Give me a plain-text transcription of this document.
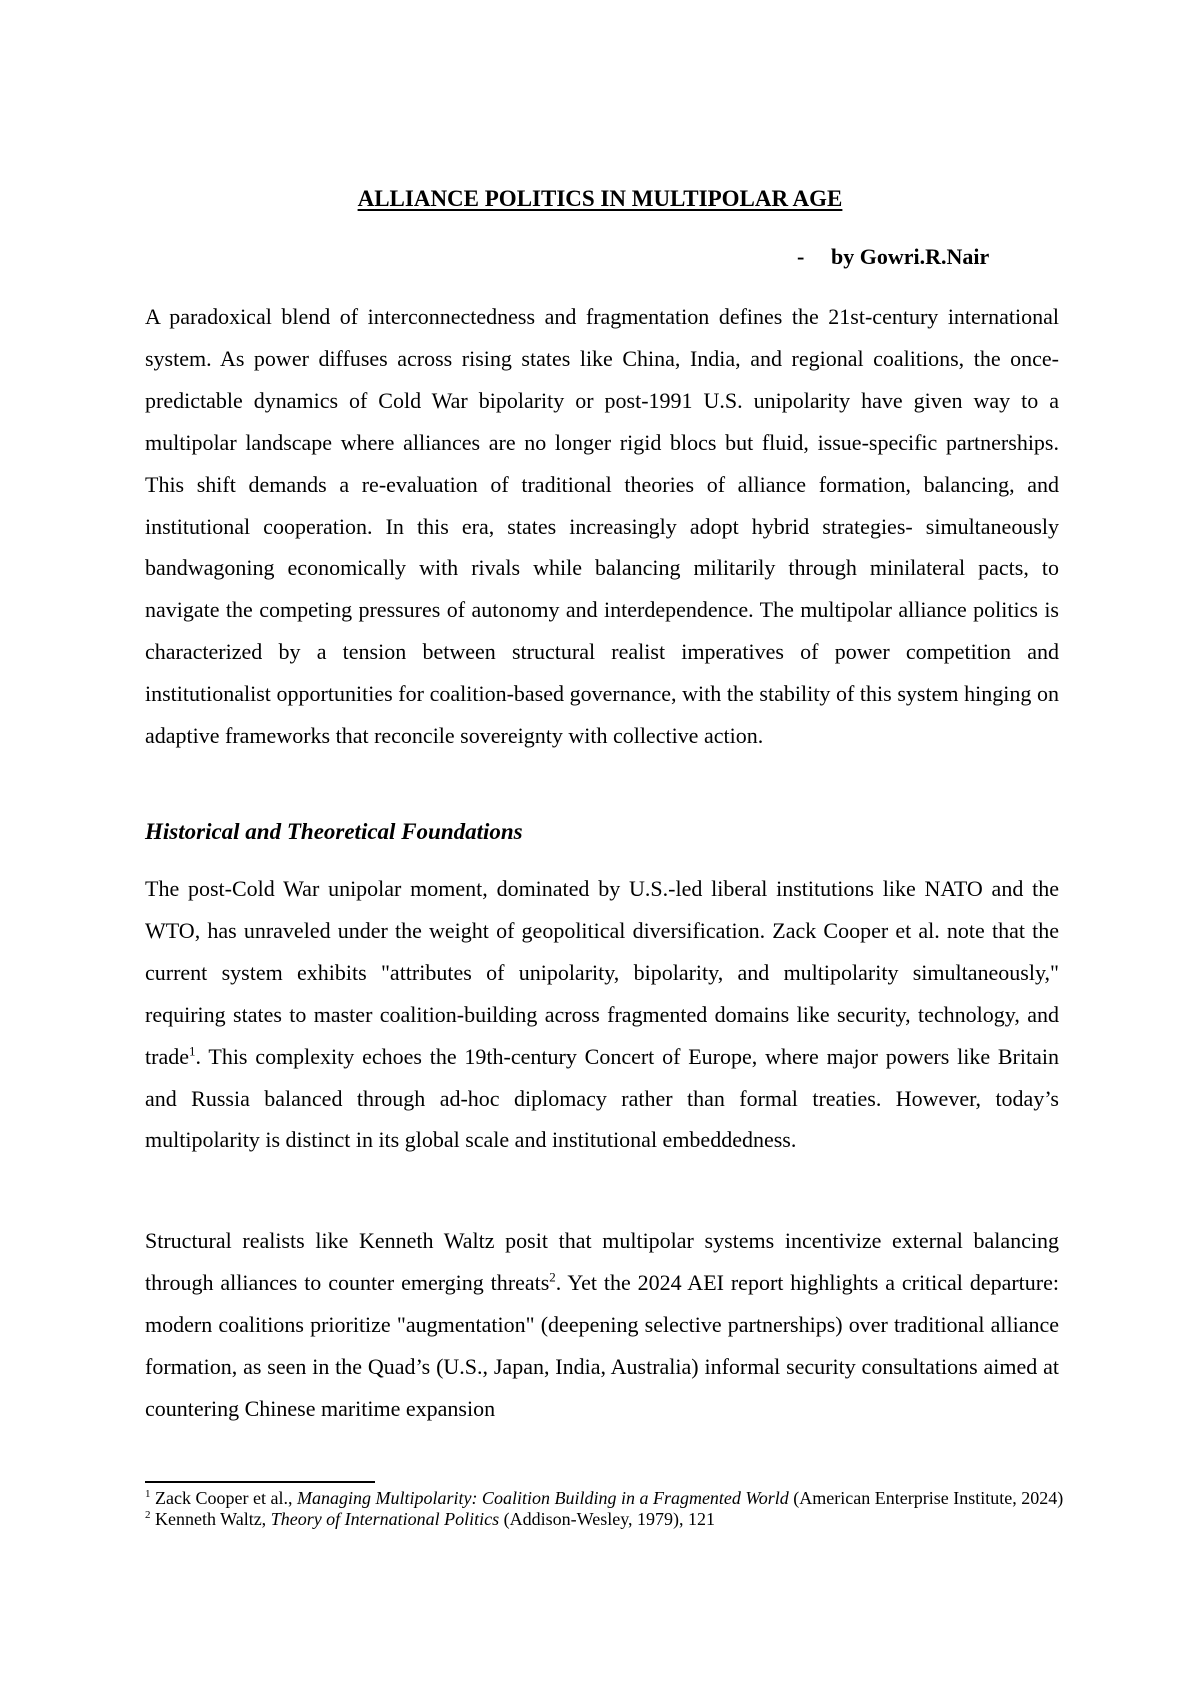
ALLIANCE POLITICS IN MULTIPOLAR AGE
- by Gowri.R.Nair

A paradoxical blend of interconnectedness and fragmentation defines the 21st-century international system. As power diffuses across rising states like China, India, and regional coalitions, the once-predictable dynamics of Cold War bipolarity or post-1991 U.S. unipolarity have given way to a multipolar landscape where alliances are no longer rigid blocs but fluid, issue-specific partnerships. This shift demands a re-evaluation of traditional theories of alliance formation, balancing, and institutional cooperation. In this era, states increasingly adopt hybrid strategies- simultaneously bandwagoning economically with rivals while balancing militarily through minilateral pacts, to navigate the competing pressures of autonomy and interdependence. The multipolar alliance politics is characterized by a tension between structural realist imperatives of power competition and institutionalist opportunities for coalition-based governance, with the stability of this system hinging on adaptive frameworks that reconcile sovereignty with collective action.

Historical and Theoretical Foundations

The post-Cold War unipolar moment, dominated by U.S.-led liberal institutions like NATO and the WTO, has unraveled under the weight of geopolitical diversification. Zack Cooper et al. note that the current system exhibits "attributes of unipolarity, bipolarity, and multipolarity simultaneously," requiring states to master coalition-building across fragmented domains like security, technology, and trade$^1$. This complexity echoes the 19th-century Concert of Europe, where major powers like Britain and Russia balanced through ad-hoc diplomacy rather than formal treaties. However, today’s multipolarity is distinct in its global scale and institutional embeddedness.

Structural realists like Kenneth Waltz posit that multipolar systems incentivize external balancing through alliances to counter emerging threats$^2$. Yet the 2024 AEI report highlights a critical departure: modern coalitions prioritize "augmentation" (deepening selective partnerships) over traditional alliance formation, as seen in the Quad’s (U.S., Japan, India, Australia) informal security consultations aimed at countering Chinese maritime expansion

$^1$ Zack Cooper et al., Managing Multipolarity: Coalition Building in a Fragmented World (American Enterprise Institute, 2024)

$^2$ Kenneth Waltz, Theory of International Politics (Addison-Wesley, 1979), 121
